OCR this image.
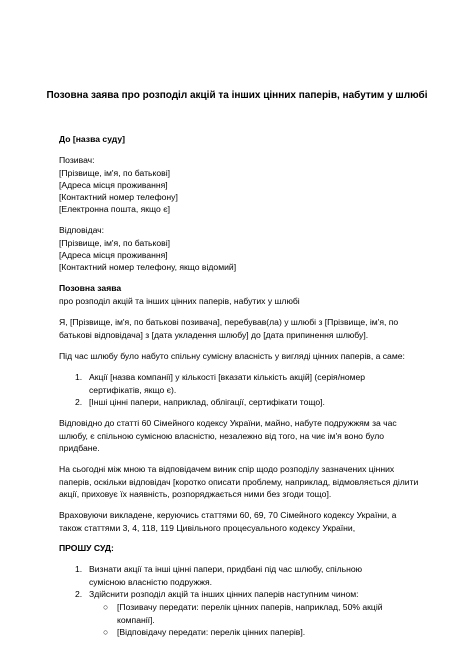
Позовна заява про розподіл акцій та інших цінних паперів, набутим у шлюбі
До [назва суду]
Позивач:
[Прізвище, ім'я, по батькові]
[Адреса місця проживання]
[Контактний номер телефону]
[Електронна пошта, якщо є]
Відповідач:
[Прізвище, ім'я, по батькові]
[Адреса місця проживання]
[Контактний номер телефону, якщо відомий]
Позовна заява
про розподіл акцій та інших цінних паперів, набутих у шлюбі
Я, [Прізвище, ім'я, по батькові позивача], перебував(ла) у шлюбі з [Прізвище, ім'я, по батькові відповідача] з [дата укладення шлюбу] до [дата припинення шлюбу].
Під час шлюбу було набуто спільну сумісну власність у вигляді цінних паперів, а саме:
1. Акції [назва компанії] у кількості [вказати кількість акцій] (серія/номер сертифікатів, якщо є).
2. [Інші цінні папери, наприклад, облігації, сертифікати тощо].
Відповідно до статті 60 Сімейного кодексу України, майно, набуте подружжям за час шлюбу, є спільною сумісною власністю, незалежно від того, на чиє ім'я воно було придбане.
На сьогодні між мною та відповідачем виник спір щодо розподілу зазначених цінних паперів, оскільки відповідач [коротко описати проблему, наприклад, відмовляється ділити акції, приховує їх наявність, розпоряджається ними без згоди тощо].
Враховуючи викладене, керуючись статтями 60, 69, 70 Сімейного кодексу України, а також статтями 3, 4, 118, 119 Цивільного процесуального кодексу України,
ПРОШУ СУД:
1. Визнати акції та інші цінні папери, придбані під час шлюбу, спільною сумісною власністю подружжя.
2. Здійснити розподіл акцій та інших цінних паперів наступним чином:
○ [Позивачу передати: перелік цінних паперів, наприклад, 50% акцій компанії].
○ [Відповідачу передати: перелік цінних паперів].
